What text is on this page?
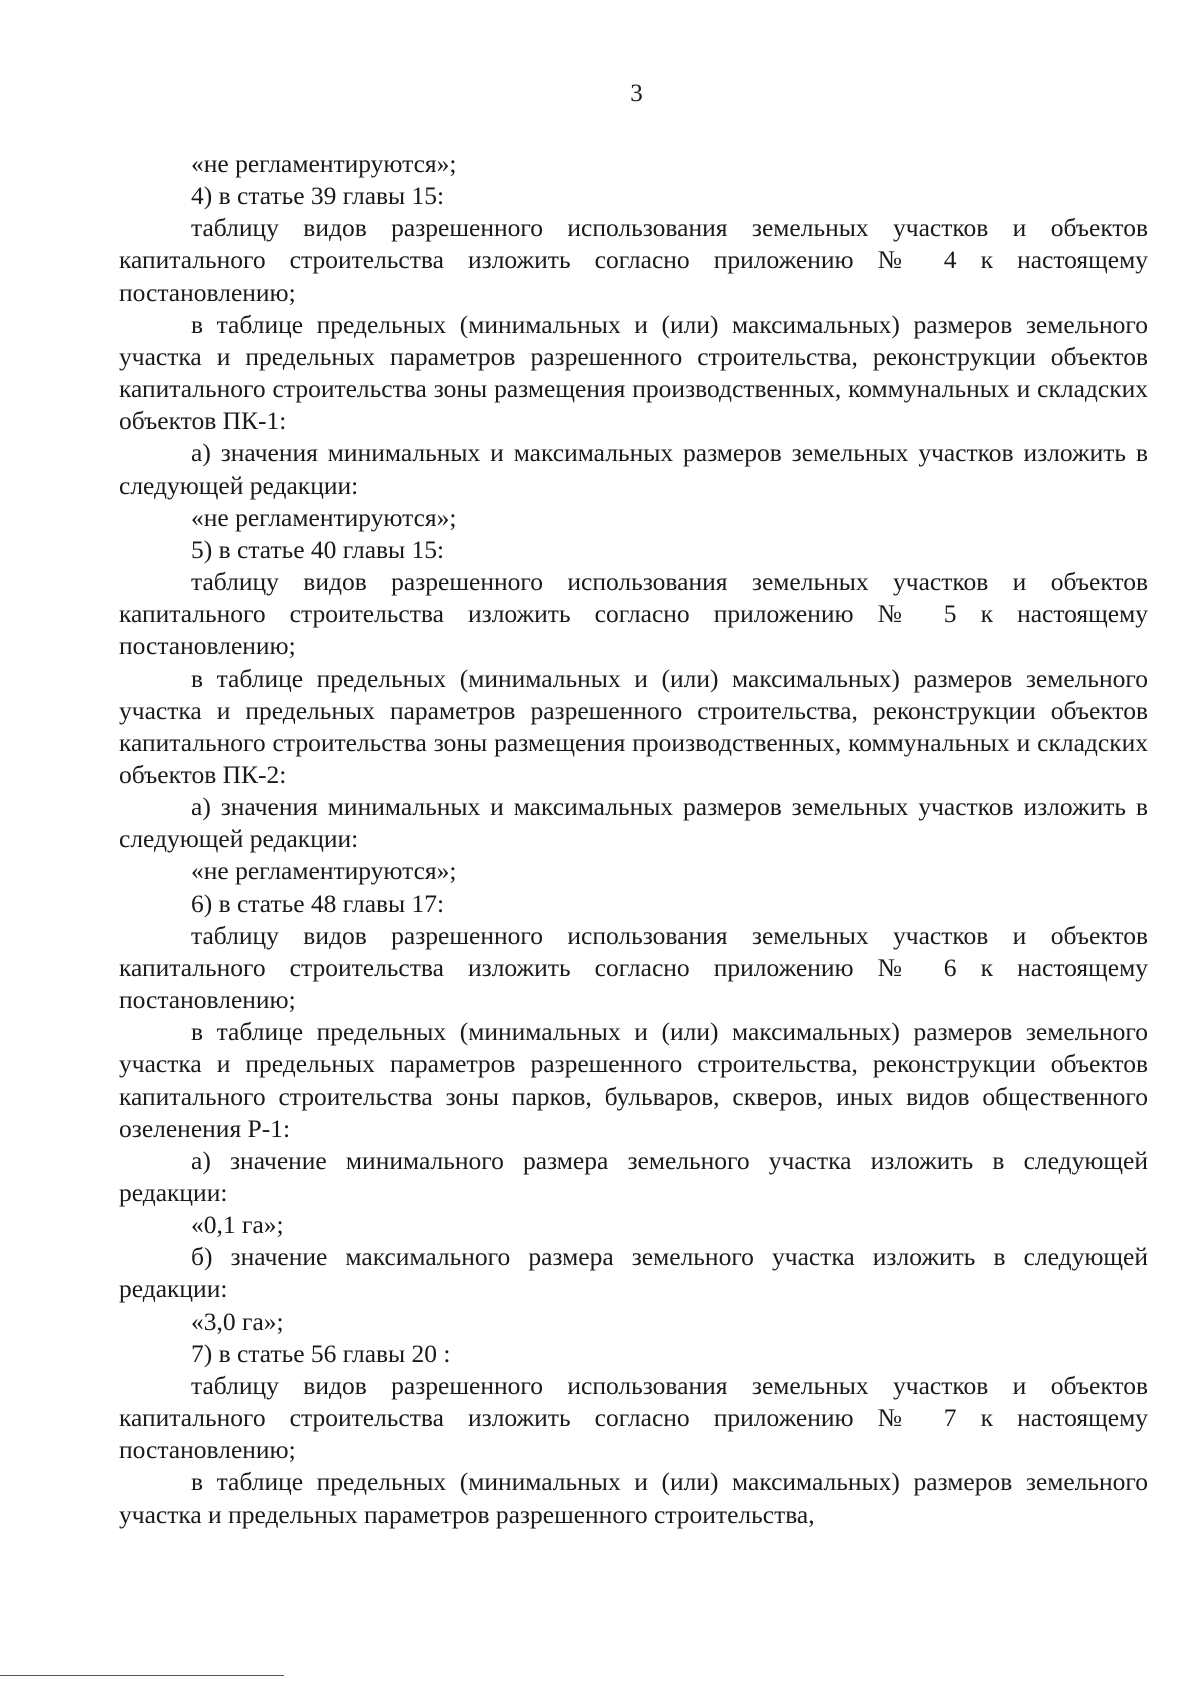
3

«не регламентируются»;

4) в статье 39 главы 15:

таблицу видов разрешенного использования земельных участков и объектов капитального строительства изложить согласно приложению № 4 к настоящему постановлению;

в таблице предельных (минимальных и (или) максимальных) размеров земельного участка и предельных параметров разрешенного строительства, реконструкции объектов капитального строительства зоны размещения производственных, коммунальных и складских объектов ПК-1:

а) значения минимальных и максимальных размеров земельных участков изложить в следующей редакции:

«не регламентируются»;

5) в статье 40 главы 15:

таблицу видов разрешенного использования земельных участков и объектов капитального строительства изложить согласно приложению № 5 к настоящему постановлению;

в таблице предельных (минимальных и (или) максимальных) размеров земельного участка и предельных параметров разрешенного строительства, реконструкции объектов капитального строительства зоны размещения производственных, коммунальных и складских объектов ПК-2:

а) значения минимальных и максимальных размеров земельных участков изложить в следующей редакции:

«не регламентируются»;

6) в статье 48 главы 17:

таблицу видов разрешенного использования земельных участков и объектов капитального строительства изложить согласно приложению № 6 к настоящему постановлению;

в таблице предельных (минимальных и (или) максимальных) размеров земельного участка и предельных параметров разрешенного строительства, реконструкции объектов капитального строительства зоны парков, бульваров, скверов, иных видов общественного озеленения Р-1:

а) значение минимального размера земельного участка изложить в следующей редакции:

«0,1 га»;

б) значение максимального размера земельного участка изложить в следующей редакции:

«3,0 га»;

7) в статье 56 главы 20 :

таблицу видов разрешенного использования земельных участков и объектов капитального строительства изложить согласно приложению № 7 к настоящему постановлению;

в таблице предельных (минимальных и (или) максимальных) размеров земельного участка и предельных параметров разрешенного строительства,
